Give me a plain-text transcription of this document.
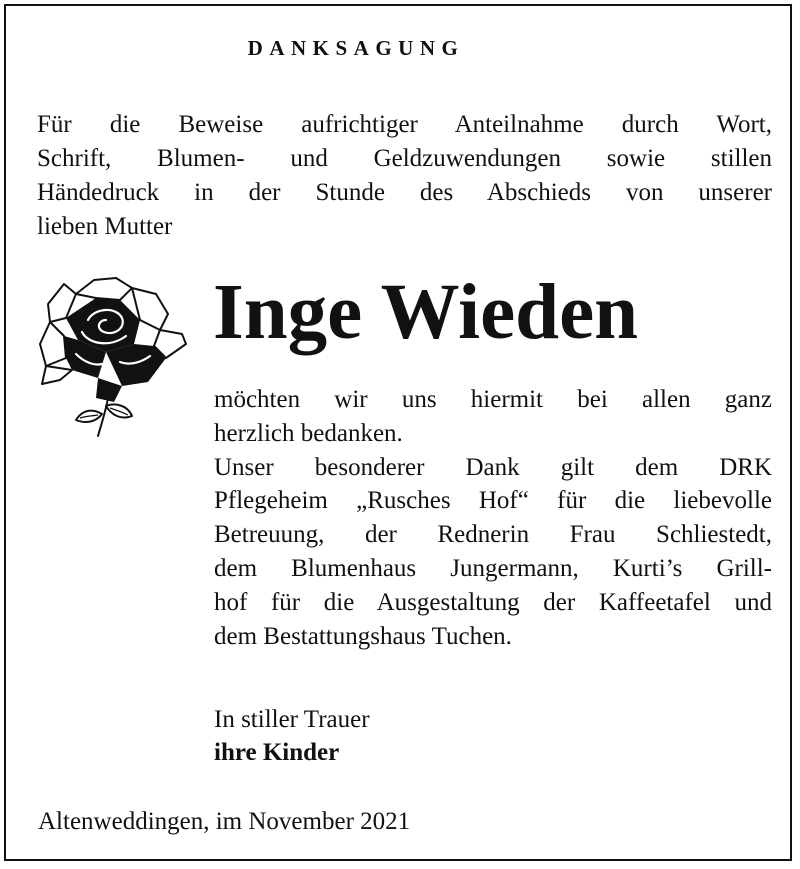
DANKSAGUNG
Für die Beweise aufrichtiger Anteilnahme durch Wort,
Schrift, Blumen- und Geldzuwendungen sowie stillen
Händedruck in der Stunde des Abschieds von unserer
lieben Mutter
Inge Wieden
möchten wir uns hiermit bei allen ganz
herzlich bedanken.
Unser besonderer Dank gilt dem DRK
Pflegeheim „Rusches Hof“ für die liebevolle
Betreuung, der Rednerin Frau Schliestedt,
dem Blumenhaus Jungermann, Kurti’s Grill-
hof für die Ausgestaltung der Kaffeetafel und
dem Bestattungshaus Tuchen.
In stiller Trauer
ihre Kinder
Altenweddingen, im November 2021
